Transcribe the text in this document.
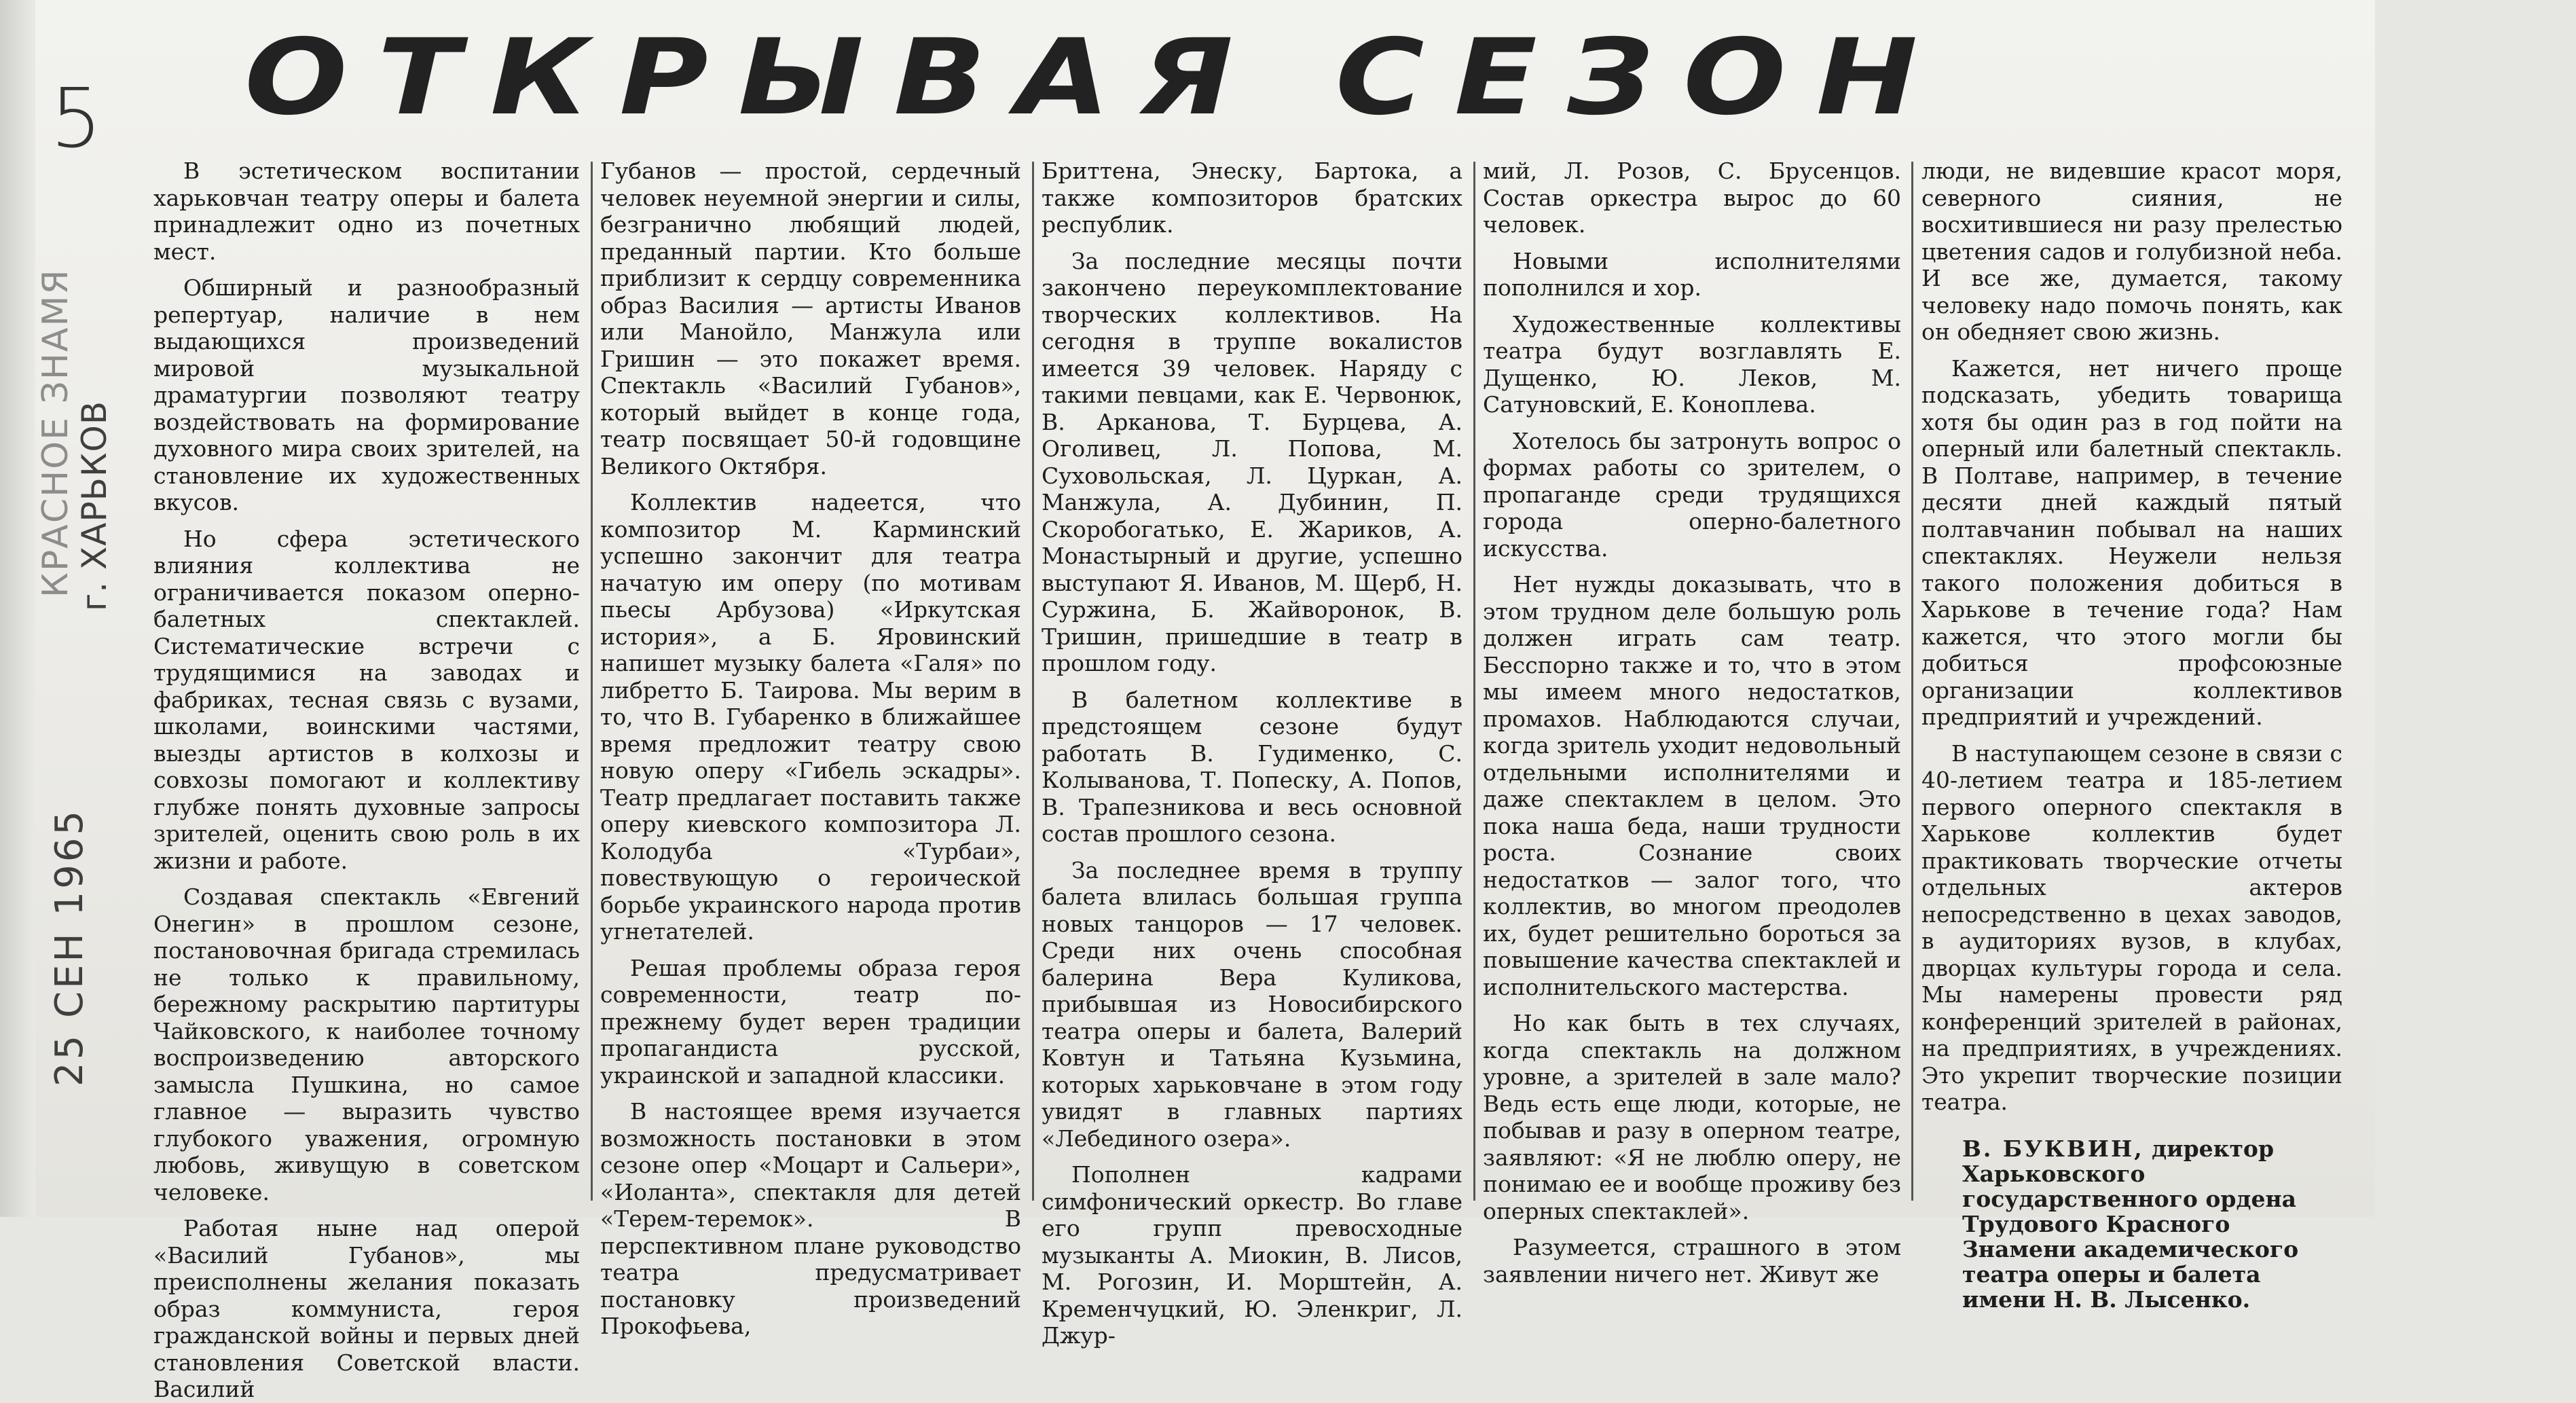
5 ОТКРЫВАЯ СЕЗОН
КРАСНОЕ ЗНАМЯ
г. ХАРЬКОВ
25 СЕН 1965

В эстетическом воспитании харьковчан театру оперы и балета принадлежит одно из почетных мест.

Обширный и разнообразный репертуар, наличие в нем выдающихся произведений мировой музыкальной драматургии позволяют театру воздействовать на формирование духовного мира своих зрителей, на становление их художественных вкусов.

Но сфера эстетического влияния коллектива не ограничивается показом оперно-балетных спектаклей. Систематические встречи с трудящимися на заводах и фабриках, тесная связь с вузами, школами, воинскими частями, выезды артистов в колхозы и совхозы помогают и коллективу глубже понять духовные запросы зрителей, оценить свою роль в их жизни и работе.

Создавая спектакль «Евгений Онегин» в прошлом сезоне, постановочная бригада стремилась не только к правильному, бережному раскрытию партитуры Чайковского, к наиболее точному воспроизведению авторского замысла Пушкина, но самое главное — выразить чувство глубокого уважения, огромную любовь, живущую в советском человеке.

Работая ныне над оперой «Василий Губанов», мы преисполнены желания показать образ коммуниста, героя гражданской войны и первых дней становления Советской власти. Василий

Губанов — простой, сердечный человек неуемной энергии и силы, безгранично любящий людей, преданный партии. Кто больше приблизит к сердцу современника образ Василия — артисты Иванов или Манойло, Манжула или Гришин — это покажет время. Спектакль «Василий Губанов», который выйдет в конце года, театр посвящает 50-й годовщине Великого Октября.

Коллектив надеется, что композитор М. Карминский успешно закончит для театра начатую им оперу (по мотивам пьесы Арбузова) «Иркутская история», а Б. Яровинский напишет музыку балета «Галя» по либретто Б. Таирова. Мы верим в то, что В. Губаренко в ближайшее время предложит театру свою новую оперу «Гибель эскадры». Театр предлагает поставить также оперу киевского композитора Л. Колодуба «Турбаи», повествующую о героической борьбе украинского народа против угнетателей.

Решая проблемы образа героя современности, театр по-прежнему будет верен традиции пропагандиста русской, украинской и западной классики.

В настоящее время изучается возможность постановки в этом сезоне опер «Моцарт и Сальери», «Иоланта», спектакля для детей «Терем-теремок». В перспективном плане руководство театра предусматривает постановку произведений Прокофьева,

Бриттена, Энеску, Бартока, а также композиторов братских республик.

За последние месяцы почти закончено переукомплектование творческих коллективов. На сегодня в труппе вокалистов имеется 39 человек. Наряду с такими певцами, как Е. Червонюк, В. Арканова, Т. Бурцева, А. Оголивец, Л. Попова, М. Суховольская, Л. Цуркан, А. Манжула, А. Дубинин, П. Скоробогатько, Е. Жариков, А. Монастырный и другие, успешно выступают Я. Иванов, М. Щерб, Н. Суржина, Б. Жайворонок, В. Тришин, пришедшие в театр в прошлом году.

В балетном коллективе в предстоящем сезоне будут работать В. Гудименко, С. Колыванова, Т. Попеску, А. Попов, В. Трапезникова и весь основной состав прошлого сезона.

За последнее время в труппу балета влилась большая группа новых танцоров — 17 человек. Среди них очень способная балерина Вера Куликова, прибывшая из Новосибирского театра оперы и балета, Валерий Ковтун и Татьяна Кузьмина, которых харьковчане в этом году увидят в главных партиях «Лебединого озера».

Пополнен кадрами симфонический оркестр. Во главе его групп превосходные музыканты А. Миокин, В. Лисов, М. Рогозин, И. Морштейн, А. Кременчуцкий, Ю. Эленкриг, Л. Джур-

мий, Л. Розов, С. Брусенцов. Состав оркестра вырос до 60 человек.

Новыми исполнителями пополнился и хор.

Художественные коллективы театра будут возглавлять Е. Дущенко, Ю. Леков, М. Сатуновский, Е. Коноплева.

Хотелось бы затронуть вопрос о формах работы со зрителем, о пропаганде среди трудящихся города оперно-балетного искусства.

Нет нужды доказывать, что в этом трудном деле большую роль должен играть сам театр. Бесспорно также и то, что в этом мы имеем много недостатков, промахов. Наблюдаются случаи, когда зритель уходит недовольный отдельными исполнителями и даже спектаклем в целом. Это пока наша беда, наши трудности роста. Сознание своих недостатков — залог того, что коллектив, во многом преодолев их, будет решительно бороться за повышение качества спектаклей и исполнительского мастерства.

Но как быть в тех случаях, когда спектакль на должном уровне, а зрителей в зале мало? Ведь есть еще люди, которые, не побывав и разу в оперном театре, заявляют: «Я не люблю оперу, не понимаю ее и вообще проживу без оперных спектаклей».

Разумеется, страшного в этом заявлении ничего нет. Живут же

люди, не видевшие красот моря, северного сияния, не восхитившиеся ни разу прелестью цветения садов и голубизной неба. И все же, думается, такому человеку надо помочь понять, как он обедняет свою жизнь.

Кажется, нет ничего проще подсказать, убедить товарища хотя бы один раз в год пойти на оперный или балетный спектакль. В Полтаве, например, в течение десяти дней каждый пятый полтавчанин побывал на наших спектаклях. Неужели нельзя такого положения добиться в Харькове в течение года? Нам кажется, что этого могли бы добиться профсоюзные организации коллективов предприятий и учреждений.

В наступающем сезоне в связи с 40-летием театра и 185-летием первого оперного спектакля в Харькове коллектив будет практиковать творческие отчеты отдельных актеров непосредственно в цехах заводов, в аудиториях вузов, в клубах, дворцах культуры города и села. Мы намерены провести ряд конференций зрителей в районах, на предприятиях, в учреждениях. Это укрепит творческие позиции театра.

В. БУКВИН, директор Харьковского государственного ордена Трудового Красного Знамени академического театра оперы и балета имени Н. В. Лысенко.
